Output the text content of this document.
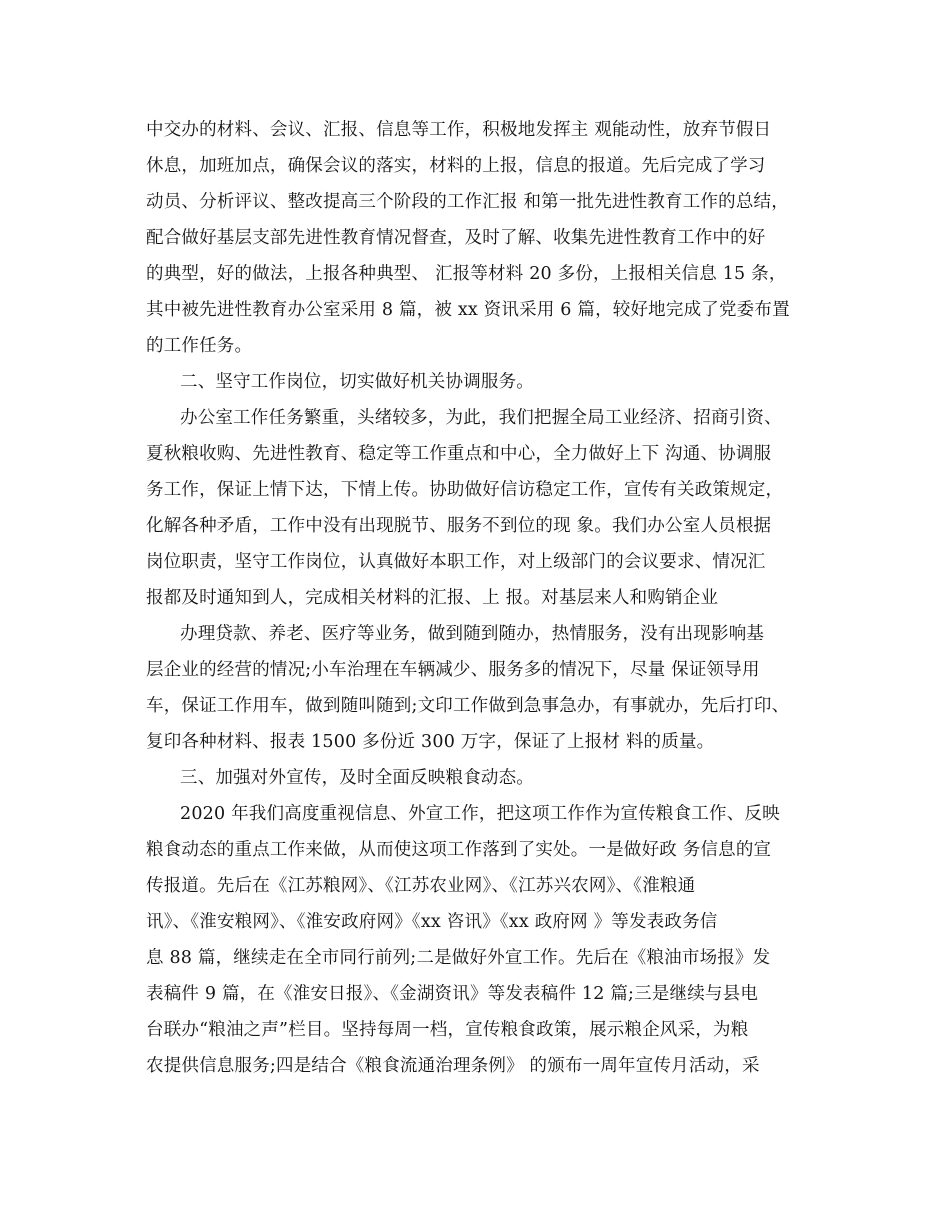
中交办的材料、会议、汇报、信息等工作，积极地发挥主 观能动性，放弃节假日
休息，加班加点，确保会议的落实，材料的上报，信息的报道。先后完成了学习
动员、分析评议、整改提高三个阶段的工作汇报 和第一批先进性教育工作的总结，
配合做好基层支部先进性教育情况督查，及时了解、收集先进性教育工作中的好
的典型，好的做法，上报各种典型、 汇报等材料 20 多份，上报相关信息 15 条，
其中被先进性教育办公室采用 8 篇，被 xx 资讯采用 6 篇，较好地完成了党委布置
的工作任务。
二、坚守工作岗位，切实做好机关协调服务。
办公室工作任务繁重，头绪较多，为此，我们把握全局工业经济、招商引资、
夏秋粮收购、先进性教育、稳定等工作重点和中心，全力做好上下 沟通、协调服
务工作，保证上情下达，下情上传。协助做好信访稳定工作，宣传有关政策规定，
化解各种矛盾，工作中没有出现脱节、服务不到位的现 象。我们办公室人员根据
岗位职责，坚守工作岗位，认真做好本职工作，对上级部门的会议要求、情况汇
报都及时通知到人，完成相关材料的汇报、上 报。对基层来人和购销企业
办理贷款、养老、医疗等业务，做到随到随办，热情服务，没有出现影响基
层企业的经营的情况;小车治理在车辆减少、服务多的情况下，尽量 保证领导用
车，保证工作用车，做到随叫随到;文印工作做到急事急办，有事就办，先后打印、
复印各种材料、报表 1500 多份近 300 万字，保证了上报材 料的质量。
三、加强对外宣传，及时全面反映粮食动态。
2020 年我们高度重视信息、外宣工作，把这项工作作为宣传粮食工作、反映
粮食动态的重点工作来做，从而使这项工作落到了实处。一是做好政 务信息的宣
传报道。先后在《江苏粮网》、《江苏农业网》、《江苏兴农网》、《淮粮通
讯》、《淮安粮网》、《淮安政府网》《xx 咨讯》《xx 政府网 》等发表政务信
息 88 篇，继续走在全市同行前列;二是做好外宣工作。先后在《粮油市场报》发
表稿件 9 篇，在《淮安日报》、《金湖资讯》等发表稿件 12 篇;三是继续与县电
台联办“粮油之声”栏目。坚持每周一档，宣传粮食政策，展示粮企风采，为粮
农提供信息服务;四是结合《粮食流通治理条例》 的颁布一周年宣传月活动，采
